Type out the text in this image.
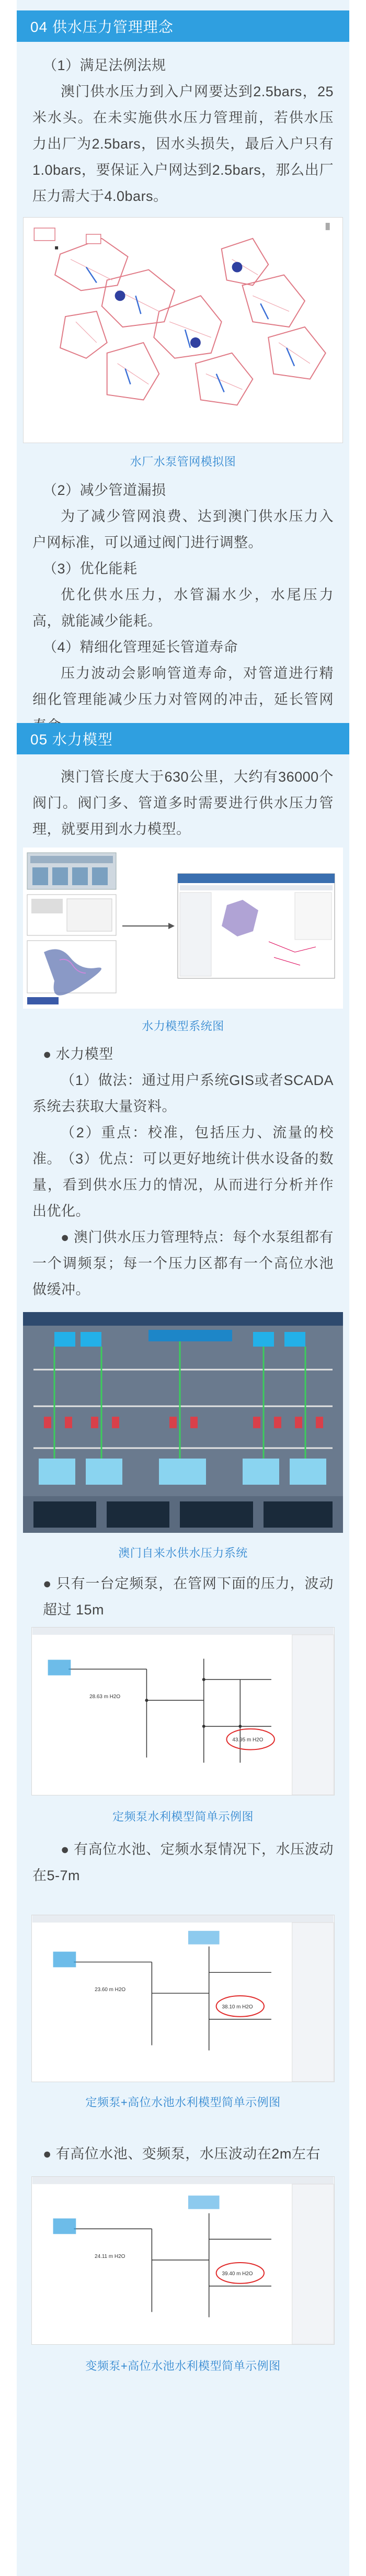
04 供水压力管理理念
（1）满足法例法规
澳门供水压力到入户网要达到2.5bars，25米水头。在未实施供水压力管理前，若供水压力出厂为2.5bars，因水头损失，最后入户只有1.0bars，要保证入户网达到2.5bars，那么出厂压力需大于4.0bars。
水厂水泵管网模拟图
（2）减少管道漏损
为了减少管网浪费、达到澳门供水压力入户网标准，可以通过阀门进行调整。
（3）优化能耗
优化供水压力，水管漏水少，水尾压力高，就能减少能耗。
（4）精细化管理延长管道寿命
压力波动会影响管道寿命，对管道进行精细化管理能减少压力对管网的冲击，延长管网
05 水力模型
澳门管长度大于630公里，大约有36000个阀门。阀门多、管道多时需要进行供水压力管理，就要用到水力模型。
水力模型系统图
● 水力模型
（1）做法：通过用户系统GIS或者SCADA系统去获取大量资料。
（2）重点：校准，包括压力、流量的校准。 （3）优点：可以更好地统计供水设备的数量，看到供水压力的情况，从而进行分析并作出优化。
● 澳门供水压力管理特点：每个水泵组都有一个调频泵；每一个压力区都有一个高位水池做缓冲。
澳门自来水供水压力系统
● 只有一台定频泵，在管网下面的压力，波动超过 15m
28.63 m H2O
43.95 m H2O
定频泵水利模型简单示例图
● 有高位水池、定频水泵情况下，水压波动在5-7m
23.60 m H2O
38.10 m H2O
定频泵+高位水池水利模型简单示例图
● 有高位水池、变频泵，水压波动在2m左右
24.11 m H2O
39.40 m H2O
变频泵+高位水池水利模型简单示例图
